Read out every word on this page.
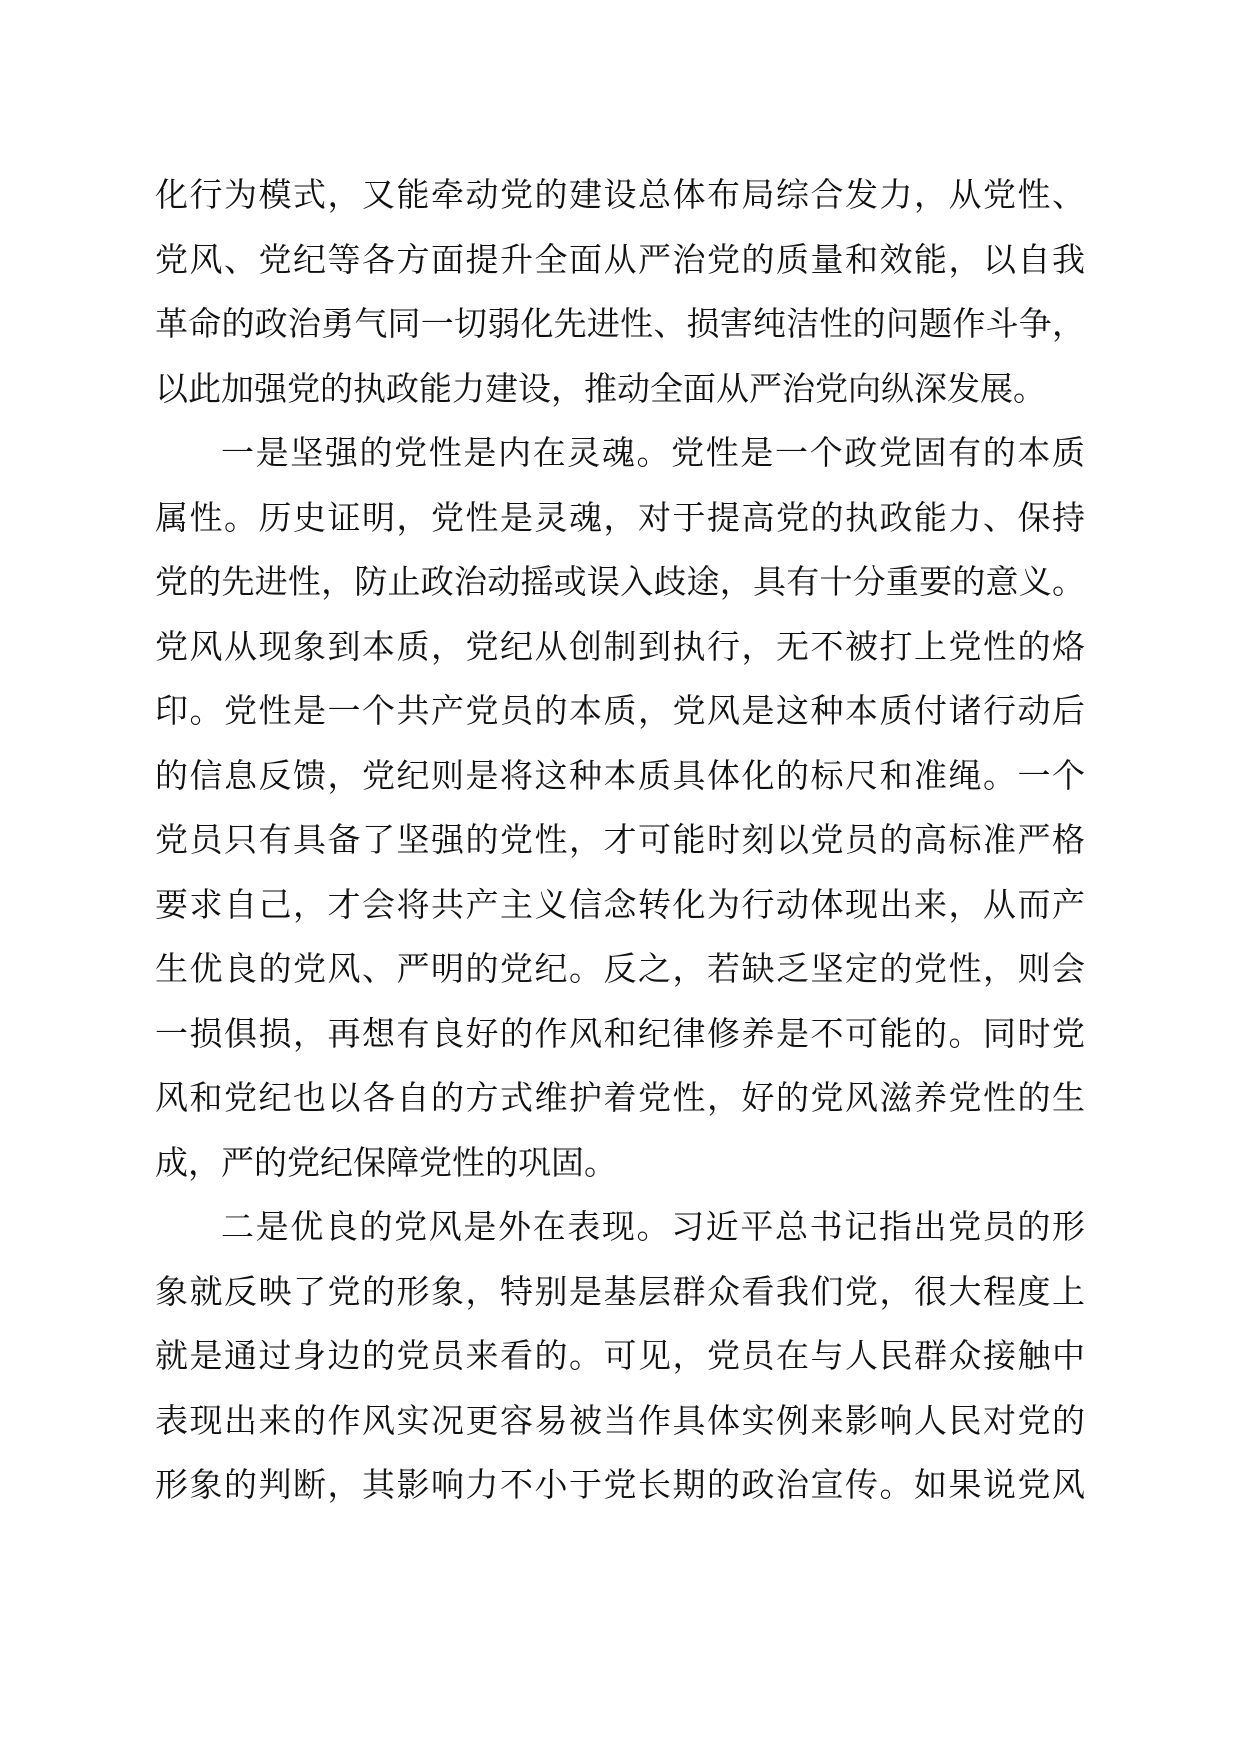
化行为模式，又能牵动党的建设总体布局综合发力，从党性、
党风、党纪等各方面提升全面从严治党的质量和效能，以自我
革命的政治勇气同一切弱化先进性、损害纯洁性的问题作斗争，
以此加强党的执政能力建设，推动全面从严治党向纵深发展。
一是坚强的党性是内在灵魂。党性是一个政党固有的本质
属性。历史证明，党性是灵魂，对于提高党的执政能力、保持
党的先进性，防止政治动摇或误入歧途，具有十分重要的意义。
党风从现象到本质，党纪从创制到执行，无不被打上党性的烙
印。党性是一个共产党员的本质，党风是这种本质付诸行动后
的信息反馈，党纪则是将这种本质具体化的标尺和准绳。一个
党员只有具备了坚强的党性，才可能时刻以党员的高标准严格
要求自己，才会将共产主义信念转化为行动体现出来，从而产
生优良的党风、严明的党纪。反之，若缺乏坚定的党性，则会
一损俱损，再想有良好的作风和纪律修养是不可能的。同时党
风和党纪也以各自的方式维护着党性，好的党风滋养党性的生
成，严的党纪保障党性的巩固。
二是优良的党风是外在表现。习近平总书记指出党员的形
象就反映了党的形象，特别是基层群众看我们党，很大程度上
就是通过身边的党员来看的。可见，党员在与人民群众接触中
表现出来的作风实况更容易被当作具体实例来影响人民对党的
形象的判断，其影响力不小于党长期的政治宣传。如果说党风
